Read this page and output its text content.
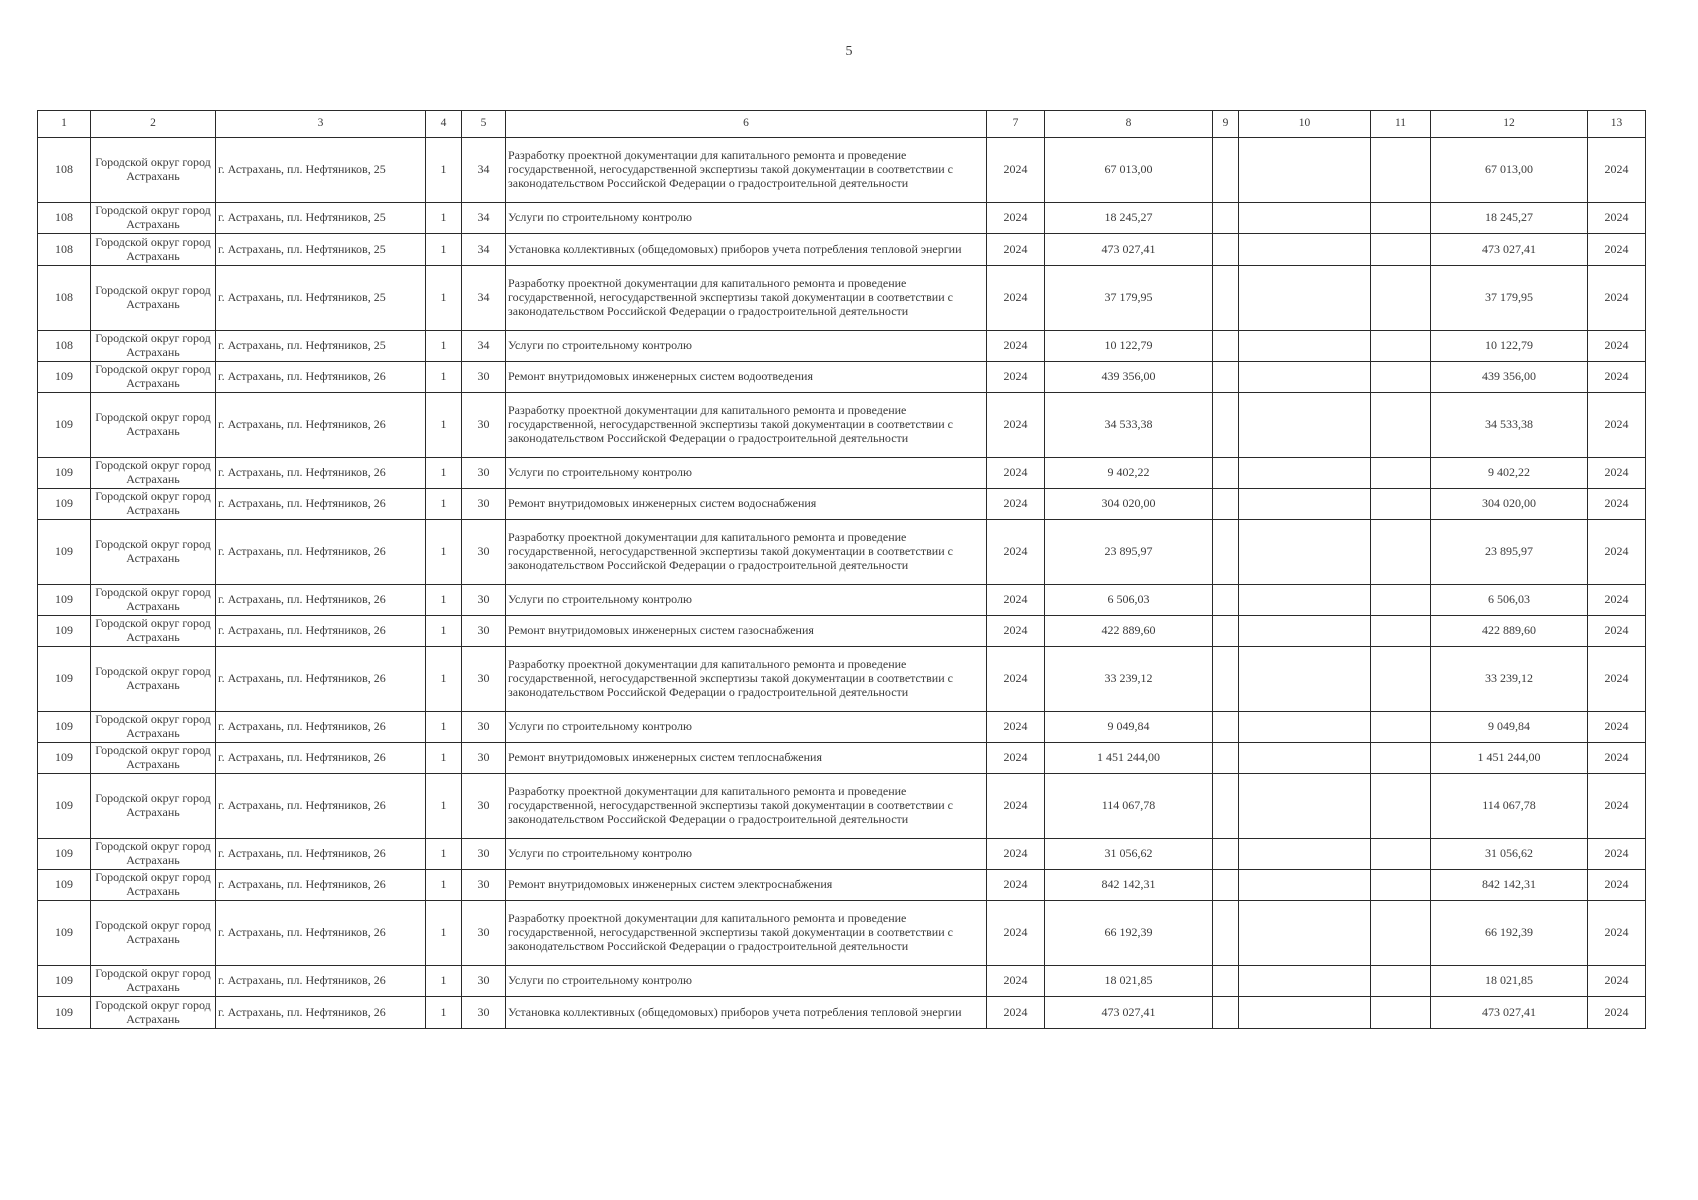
5
1	2	3	4	5	6	7	8	9	10	11	12	13
108	Городской округ город Астрахань	г. Астрахань, пл. Нефтяников, 25	1	34	Разработку проектной документации для капитального ремонта и проведение государственной, негосударственной экспертизы такой документации в соответствии с законодательством Российской Федерации о градостроительной деятельности	2024	67 013,00				67 013,00	2024
108	Городской округ город Астрахань	г. Астрахань, пл. Нефтяников, 25	1	34	Услуги по строительному контролю	2024	18 245,27				18 245,27	2024
108	Городской округ город Астрахань	г. Астрахань, пл. Нефтяников, 25	1	34	Установка коллективных (общедомовых) приборов учета потребления тепловой энергии	2024	473 027,41				473 027,41	2024
108	Городской округ город Астрахань	г. Астрахань, пл. Нефтяников, 25	1	34	Разработку проектной документации для капитального ремонта и проведение государственной, негосударственной экспертизы такой документации в соответствии с законодательством Российской Федерации о градостроительной деятельности	2024	37 179,95				37 179,95	2024
108	Городской округ город Астрахань	г. Астрахань, пл. Нефтяников, 25	1	34	Услуги по строительному контролю	2024	10 122,79				10 122,79	2024
109	Городской округ город Астрахань	г. Астрахань, пл. Нефтяников, 26	1	30	Ремонт внутридомовых инженерных систем водоотведения	2024	439 356,00				439 356,00	2024
109	Городской округ город Астрахань	г. Астрахань, пл. Нефтяников, 26	1	30	Разработку проектной документации для капитального ремонта и проведение государственной, негосударственной экспертизы такой документации в соответствии с законодательством Российской Федерации о градостроительной деятельности	2024	34 533,38				34 533,38	2024
109	Городской округ город Астрахань	г. Астрахань, пл. Нефтяников, 26	1	30	Услуги по строительному контролю	2024	9 402,22				9 402,22	2024
109	Городской округ город Астрахань	г. Астрахань, пл. Нефтяников, 26	1	30	Ремонт внутридомовых инженерных систем водоснабжения	2024	304 020,00				304 020,00	2024
109	Городской округ город Астрахань	г. Астрахань, пл. Нефтяников, 26	1	30	Разработку проектной документации для капитального ремонта и проведение государственной, негосударственной экспертизы такой документации в соответствии с законодательством Российской Федерации о градостроительной деятельности	2024	23 895,97				23 895,97	2024
109	Городской округ город Астрахань	г. Астрахань, пл. Нефтяников, 26	1	30	Услуги по строительному контролю	2024	6 506,03				6 506,03	2024
109	Городской округ город Астрахань	г. Астрахань, пл. Нефтяников, 26	1	30	Ремонт внутридомовых инженерных систем газоснабжения	2024	422 889,60				422 889,60	2024
109	Городской округ город Астрахань	г. Астрахань, пл. Нефтяников, 26	1	30	Разработку проектной документации для капитального ремонта и проведение государственной, негосударственной экспертизы такой документации в соответствии с законодательством Российской Федерации о градостроительной деятельности	2024	33 239,12				33 239,12	2024
109	Городской округ город Астрахань	г. Астрахань, пл. Нефтяников, 26	1	30	Услуги по строительному контролю	2024	9 049,84				9 049,84	2024
109	Городской округ город Астрахань	г. Астрахань, пл. Нефтяников, 26	1	30	Ремонт внутридомовых инженерных систем теплоснабжения	2024	1 451 244,00				1 451 244,00	2024
109	Городской округ город Астрахань	г. Астрахань, пл. Нефтяников, 26	1	30	Разработку проектной документации для капитального ремонта и проведение государственной, негосударственной экспертизы такой документации в соответствии с законодательством Российской Федерации о градостроительной деятельности	2024	114 067,78				114 067,78	2024
109	Городской округ город Астрахань	г. Астрахань, пл. Нефтяников, 26	1	30	Услуги по строительному контролю	2024	31 056,62				31 056,62	2024
109	Городской округ город Астрахань	г. Астрахань, пл. Нефтяников, 26	1	30	Ремонт внутридомовых инженерных систем электроснабжения	2024	842 142,31				842 142,31	2024
109	Городской округ город Астрахань	г. Астрахань, пл. Нефтяников, 26	1	30	Разработку проектной документации для капитального ремонта и проведение государственной, негосударственной экспертизы такой документации в соответствии с законодательством Российской Федерации о градостроительной деятельности	2024	66 192,39				66 192,39	2024
109	Городской округ город Астрахань	г. Астрахань, пл. Нефтяников, 26	1	30	Услуги по строительному контролю	2024	18 021,85				18 021,85	2024
109	Городской округ город Астрахань	г. Астрахань, пл. Нефтяников, 26	1	30	Установка коллективных (общедомовых) приборов учета потребления тепловой энергии	2024	473 027,41				473 027,41	2024
